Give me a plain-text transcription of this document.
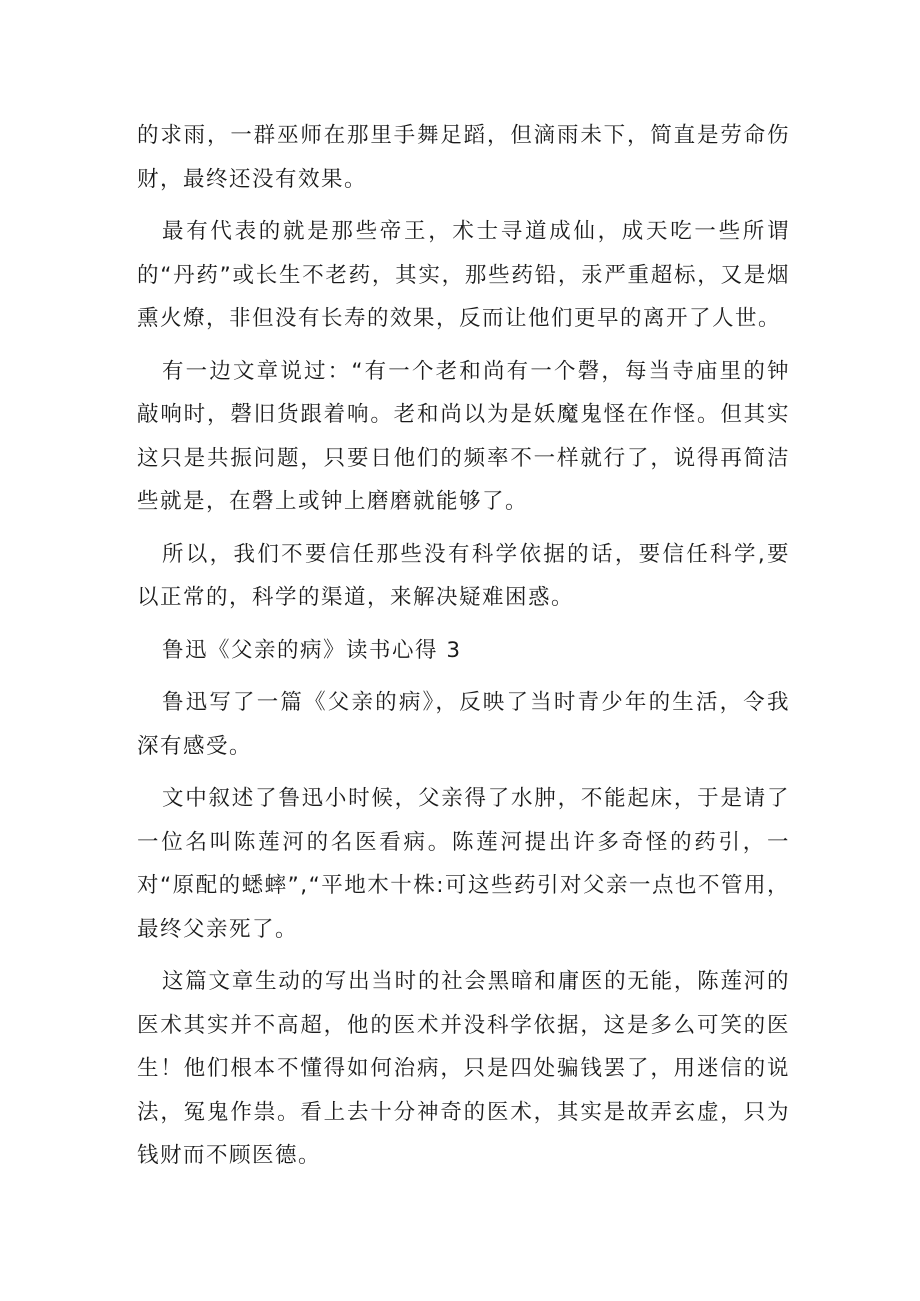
的求雨，一群巫师在那里手舞足蹈，但滴雨未下，简直是劳命伤财，最终还没有效果。

最有代表的就是那些帝王，术士寻道成仙，成天吃一些所谓的“丹药”或长生不老药，其实，那些药铅，汞严重超标，又是烟熏火燎，非但没有长寿的效果，反而让他们更早的离开了人世。

有一边文章说过：“有一个老和尚有一个磬，每当寺庙里的钟敲响时，磬旧货跟着响。老和尚以为是妖魔鬼怪在作怪。但其实这只是共振问题，只要日他们的频率不一样就行了，说得再简洁些就是，在磬上或钟上磨磨就能够了。

所以，我们不要信任那些没有科学依据的话，要信任科学,要以正常的，科学的渠道，来解决疑难困惑。

鲁迅《父亲的病》读书心得 3

鲁迅写了一篇《父亲的病》，反映了当时青少年的生活，令我深有感受。

文中叙述了鲁迅小时候，父亲得了水肿，不能起床，于是请了一位名叫陈莲河的名医看病。陈莲河提出许多奇怪的药引，一对“原配的蟋蟀”,“平地木十株:可这些药引对父亲一点也不管用，最终父亲死了。

这篇文章生动的写出当时的社会黑暗和庸医的无能，陈莲河的医术其实并不高超，他的医术并没科学依据，这是多么可笑的医生！他们根本不懂得如何治病，只是四处骗钱罢了，用迷信的说法，冤鬼作祟。看上去十分神奇的医术，其实是故弄玄虚，只为钱财而不顾医德。
